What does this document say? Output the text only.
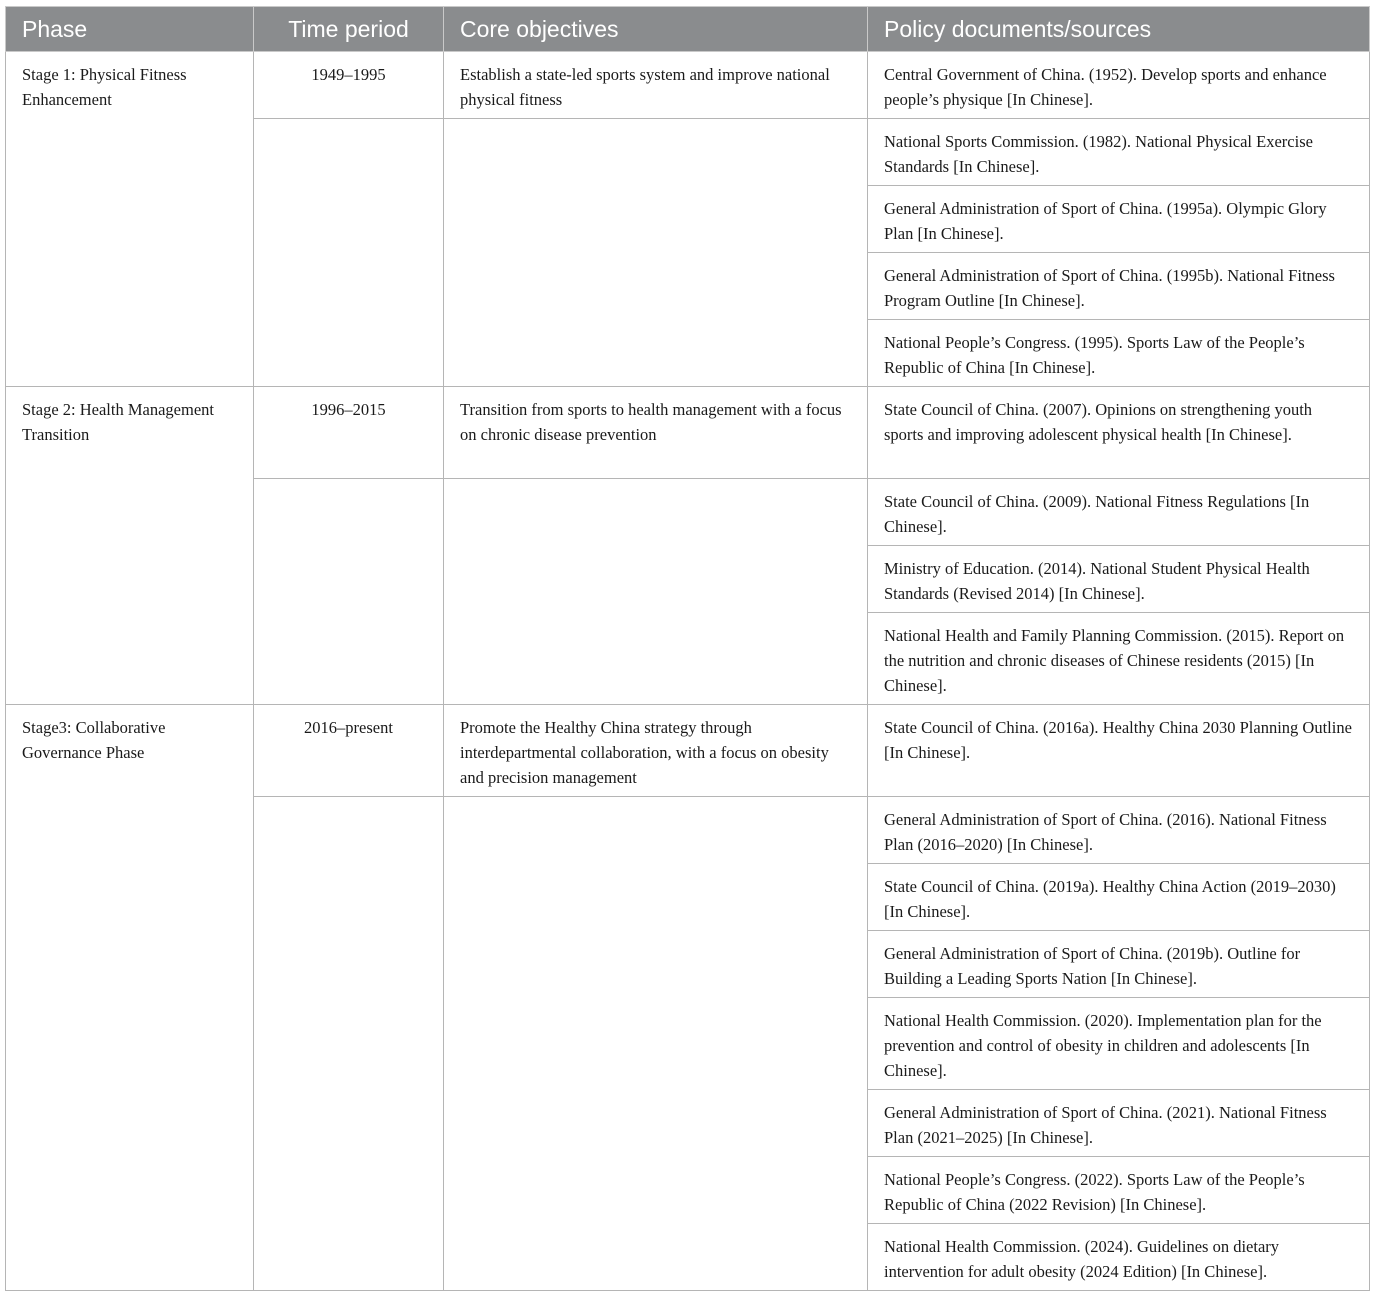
Phase	Time period	Core objectives	Policy documents/sources
Stage 1: Physical Fitness Enhancement	1949–1995	Establish a state-led sports system and improve national physical fitness	Central Government of China. (1952). Develop sports and enhance people’s physique [In Chinese].
			National Sports Commission. (1982). National Physical Exercise Standards [In Chinese].
			General Administration of Sport of China. (1995a). Olympic Glory Plan [In Chinese].
			General Administration of Sport of China. (1995b). National Fitness Program Outline [In Chinese].
			National People’s Congress. (1995). Sports Law of the People’s Republic of China [In Chinese].
Stage 2: Health Management Transition	1996–2015	Transition from sports to health management with a focus on chronic disease prevention	State Council of China. (2007). Opinions on strengthening youth sports and improving adolescent physical health [In Chinese].
			State Council of China. (2009). National Fitness Regulations [In Chinese].
			Ministry of Education. (2014). National Student Physical Health Standards (Revised 2014) [In Chinese].
			National Health and Family Planning Commission. (2015). Report on the nutrition and chronic diseases of Chinese residents (2015) [In Chinese].
Stage3: Collaborative Governance Phase	2016–present	Promote the Healthy China strategy through interdepartmental collaboration, with a focus on obesity and precision management	State Council of China. (2016a). Healthy China 2030 Planning Outline [In Chinese].
			General Administration of Sport of China. (2016). National Fitness Plan (2016–2020) [In Chinese].
			State Council of China. (2019a). Healthy China Action (2019–2030) [In Chinese].
			General Administration of Sport of China. (2019b). Outline for Building a Leading Sports Nation [In Chinese].
			National Health Commission. (2020). Implementation plan for the prevention and control of obesity in children and adolescents [In Chinese].
			General Administration of Sport of China. (2021). National Fitness Plan (2021–2025) [In Chinese].
			National People’s Congress. (2022). Sports Law of the People’s Republic of China (2022 Revision) [In Chinese].
			National Health Commission. (2024). Guidelines on dietary intervention for adult obesity (2024 Edition) [In Chinese].
